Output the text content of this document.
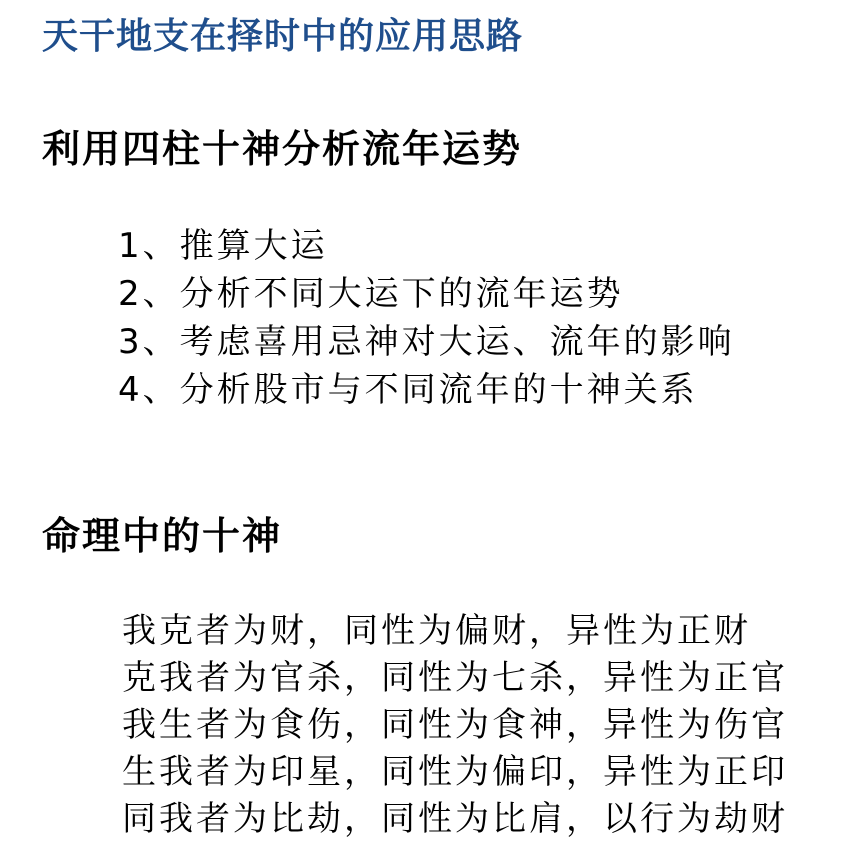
天干地支在择时中的应用思路
利用四柱十神分析流年运势
1、推算大运
2、分析不同大运下的流年运势
3、考虑喜用忌神对大运、流年的影响
4、分析股市与不同流年的十神关系
命理中的十神
我克者为财，同性为偏财，异性为正财
克我者为官杀，同性为七杀，异性为正官
我生者为食伤，同性为食神，异性为伤官
生我者为印星，同性为偏印，异性为正印
同我者为比劫，同性为比肩，以行为劫财
